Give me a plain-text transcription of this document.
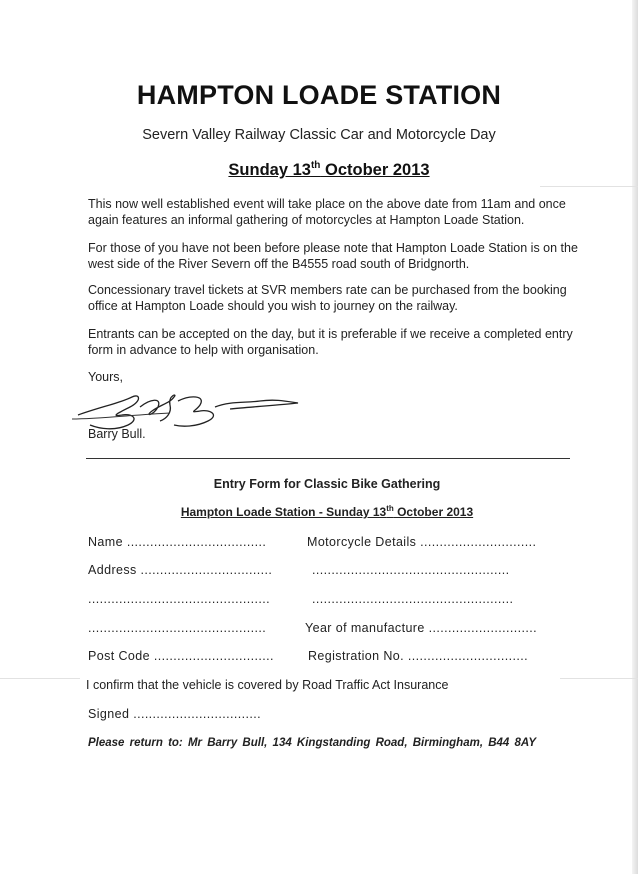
HAMPTON LOADE STATION
Severn Valley Railway Classic Car and Motorcycle Day
Sunday 13th October 2013

This now well established event will take place on the above date from 11am and once again features an informal gathering of motorcycles at Hampton Loade Station.

For those of you have not been before please note that Hampton Loade Station is on the west side of the River Severn off the B4555 road south of Bridgnorth.

Concessionary travel tickets at SVR members rate can be purchased from the booking office at Hampton Loade should you wish to journey on the railway.

Entrants can be accepted on the day, but it is preferable if we receive a completed entry form in advance to help with organisation.

Yours,
Barry Bull.
Entry Form for Classic Bike Gathering
Hampton Loade Station - Sunday 13th October 2013
Name ....................................	Motorcycle Details ..............................
Address ..................................	...................................................
...............................................	....................................................
..............................................	Year of manufacture ............................
Post Code ...............................	Registration No. ...............................
I confirm that the vehicle is covered by Road Traffic Act Insurance
Signed .................................
Please return to: Mr Barry Bull, 134 Kingstanding Road, Birmingham, B44 8AY
